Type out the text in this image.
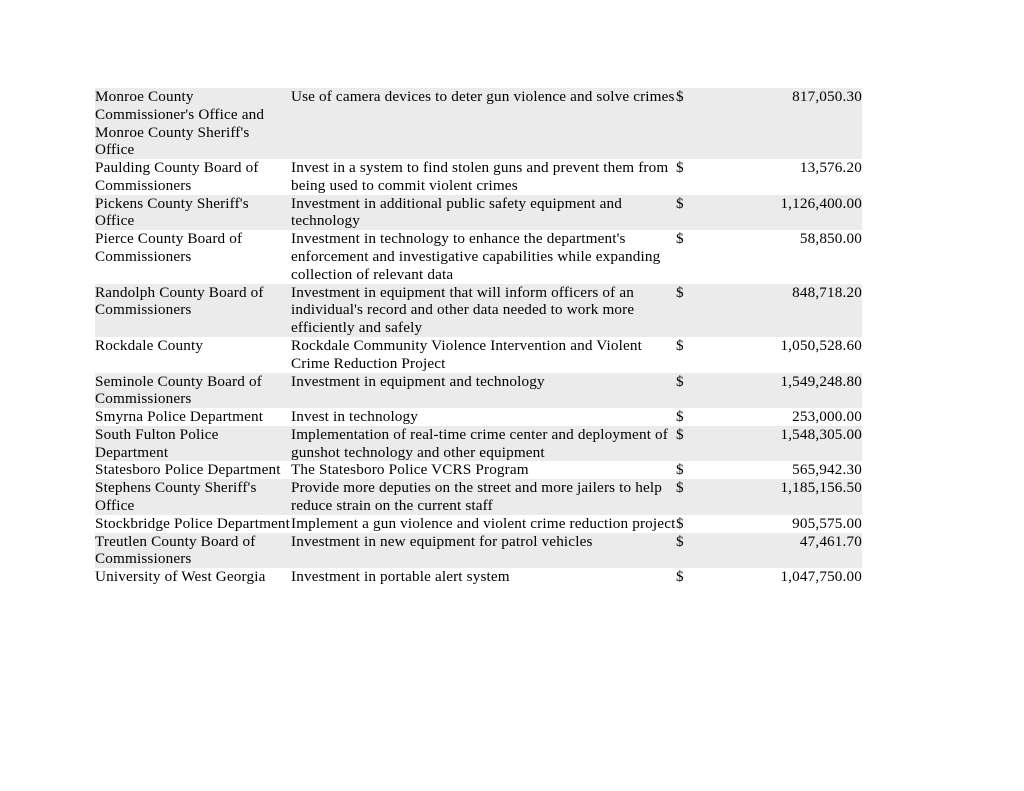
Monroe County Commissioner's Office and Monroe County Sheriff's Office	Use of camera devices to deter gun violence and solve crimes	$	817,050.30

Paulding County Board of Commissioners	Invest in a system to find stolen guns and prevent them from being used to commit violent crimes	$	13,576.20

Pickens County Sheriff's Office	Investment in additional public safety equipment and technology	$	1,126,400.00

Pierce County Board of Commissioners	Investment in technology to enhance the department's enforcement and investigative capabilities while expanding collection of relevant data	$	58,850.00

Randolph County Board of Commissioners	Investment in equipment that will inform officers of an individual's record and other data needed to work more efficiently and safely	$	848,718.20

Rockdale County	Rockdale Community Violence Intervention and Violent Crime Reduction Project	$	1,050,528.60

Seminole County Board of Commissioners	Investment in equipment and technology	$	1,549,248.80

Smyrna Police Department	Invest in technology	$	253,000.00

South Fulton Police Department	Implementation of real-time crime center and deployment of gunshot technology and other equipment	$	1,548,305.00

Statesboro Police Department	The Statesboro Police VCRS Program	$	565,942.30

Stephens County Sheriff's Office	Provide more deputies on the street and more jailers to help reduce strain on the current staff	$	1,185,156.50

Stockbridge Police Department	Implement a gun violence and violent crime reduction project	$	905,575.00

Treutlen County Board of Commissioners	Investment in new equipment for patrol vehicles	$	47,461.70

University of West Georgia	Investment in portable alert system	$	1,047,750.00
